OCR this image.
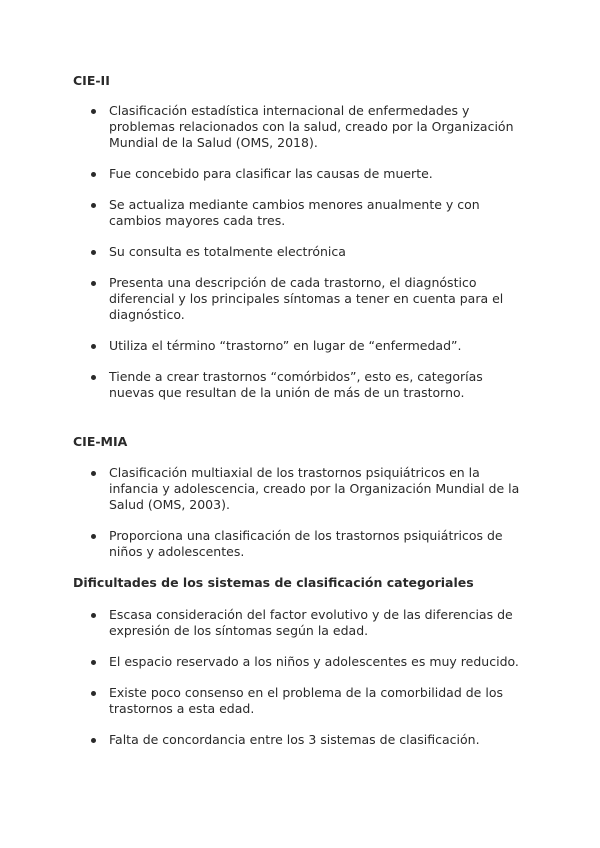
CIE-II
Clasificación estadística internacional de enfermedades y problemas relacionados con la salud, creado por la Organización Mundial de la Salud (OMS, 2018).
Fue concebido para clasificar las causas de muerte.
Se actualiza mediante cambios menores anualmente y con cambios mayores cada tres.
Su consulta es totalmente electrónica
Presenta una descripción de cada trastorno, el diagnóstico diferencial y los principales síntomas a tener en cuenta para el diagnóstico.
Utiliza el término “trastorno” en lugar de “enfermedad”.
Tiende a crear trastornos “comórbidos”, esto es, categorías nuevas que resultan de la unión de más de un trastorno.
CIE-MIA
Clasificación multiaxial de los trastornos psiquiátricos en la infancia y adolescencia, creado por la Organización Mundial de la Salud (OMS, 2003).
Proporciona una clasificación de los trastornos psiquiátricos de niños y adolescentes.
Dificultades de los sistemas de clasificación categoriales
Escasa consideración del factor evolutivo y de las diferencias de expresión de los síntomas según la edad.
El espacio reservado a los niños y adolescentes es muy reducido.
Existe poco consenso en el problema de la comorbilidad de los trastornos a esta edad.
Falta de concordancia entre los 3 sistemas de clasificación.
